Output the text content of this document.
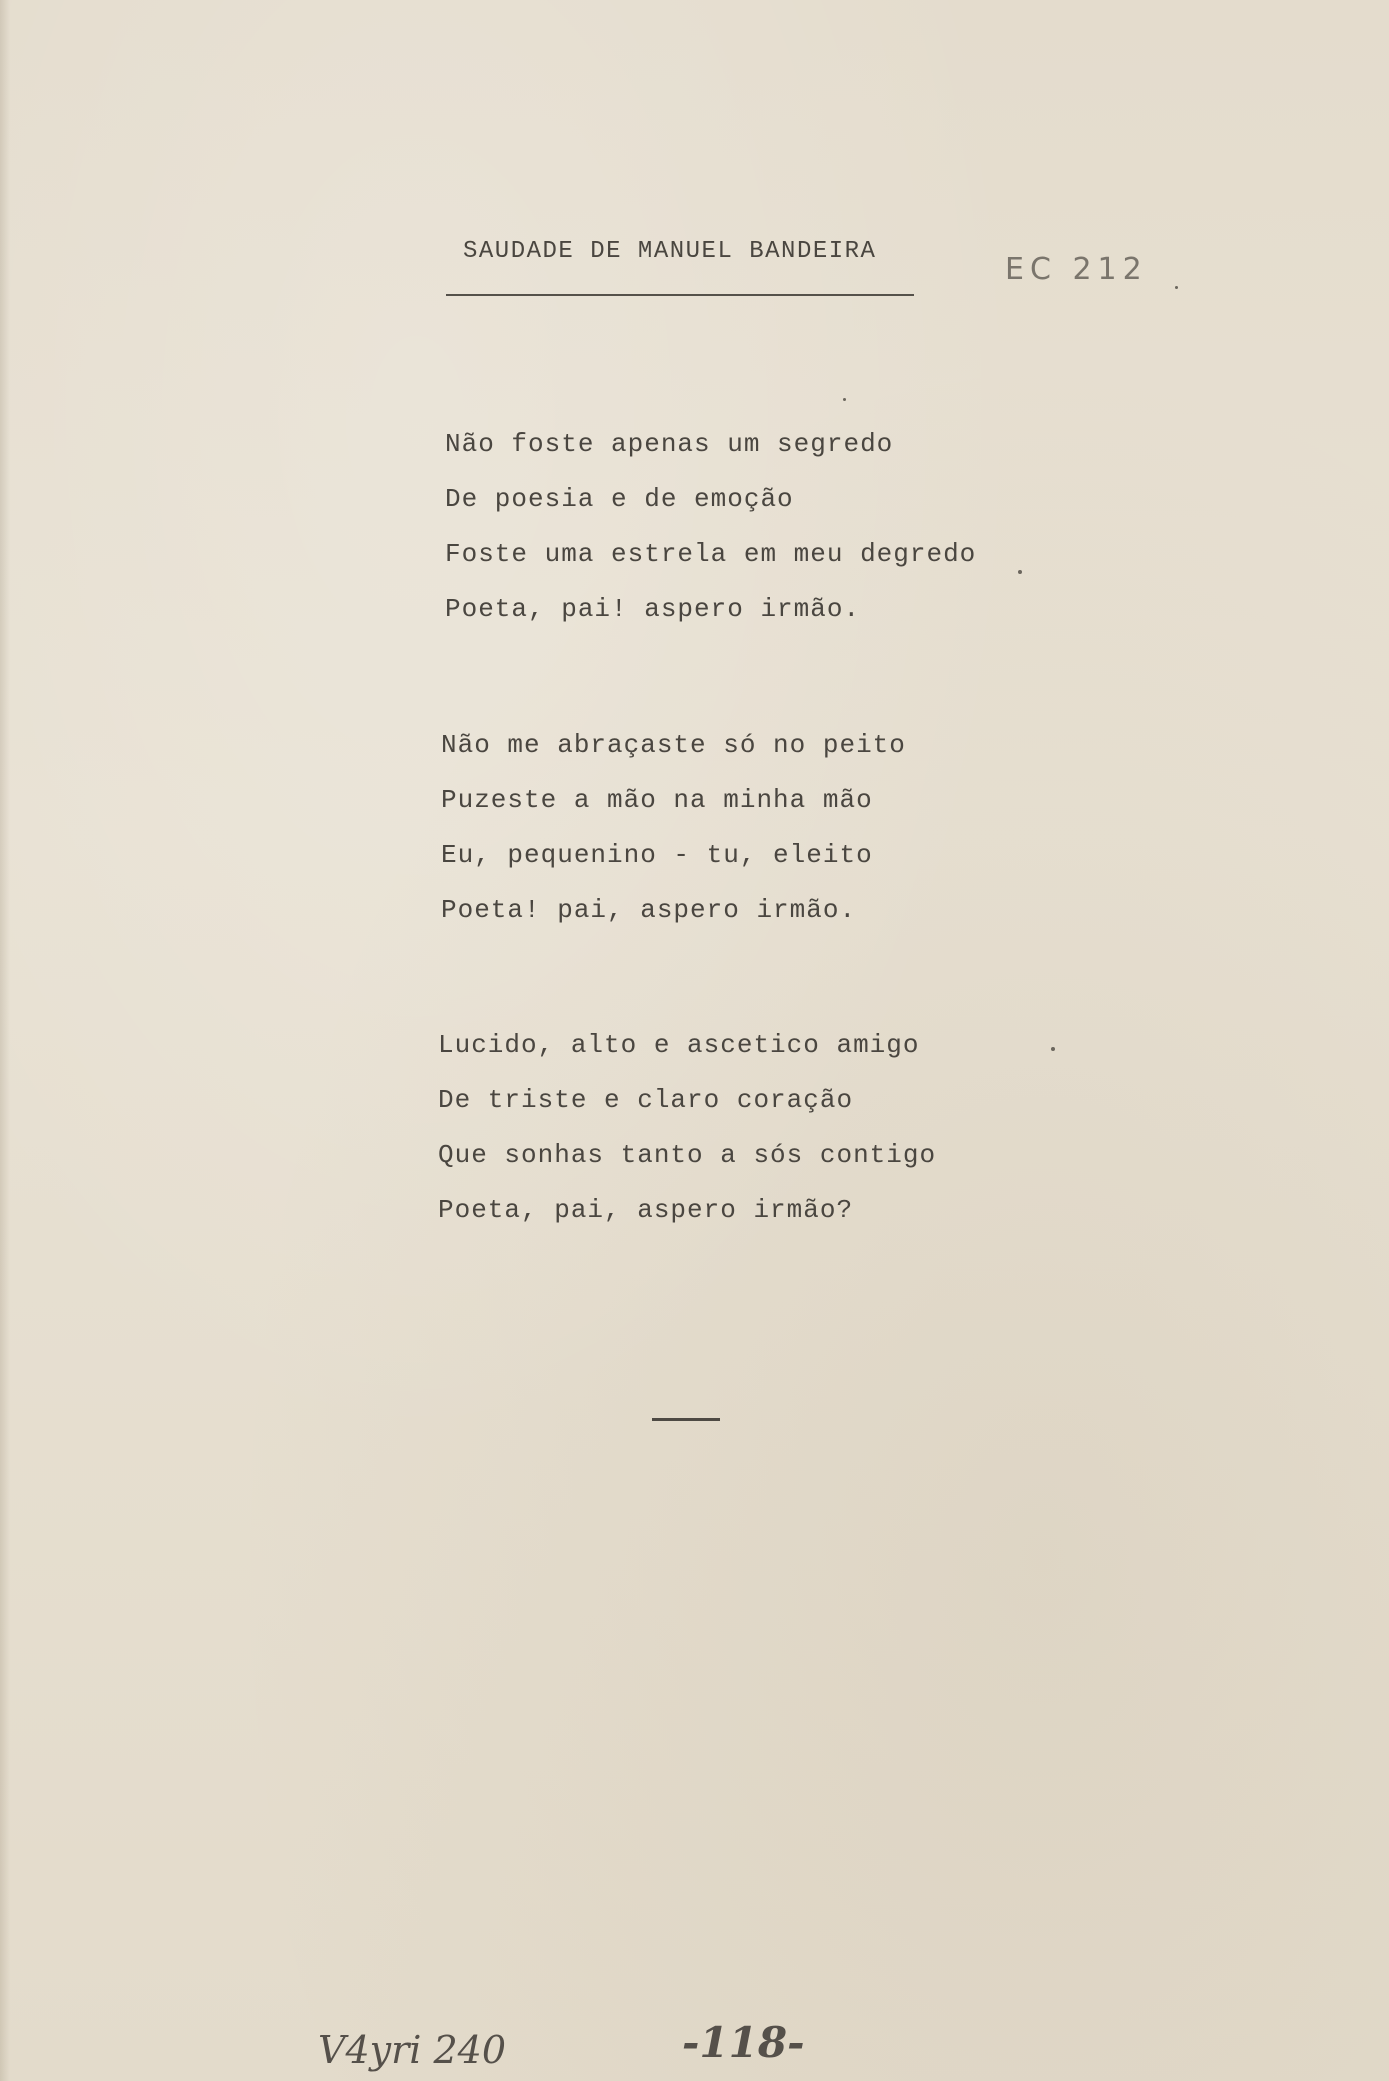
SAUDADE DE MANUEL BANDEIRA
EC 212
Não foste apenas um segredo
De poesia e de emoção
Foste uma estrela em meu degredo
Poeta, pai! aspero irmão.
Não me abraçaste só no peito
Puzeste a mão na minha mão
Eu, pequenino - tu, eleito
Poeta! pai, aspero irmão.
Lucido, alto e ascetico amigo
De triste e claro coração
Que sonhas tanto a sós contigo
Poeta, pai, aspero irmão?
V4yri 240	-118-
